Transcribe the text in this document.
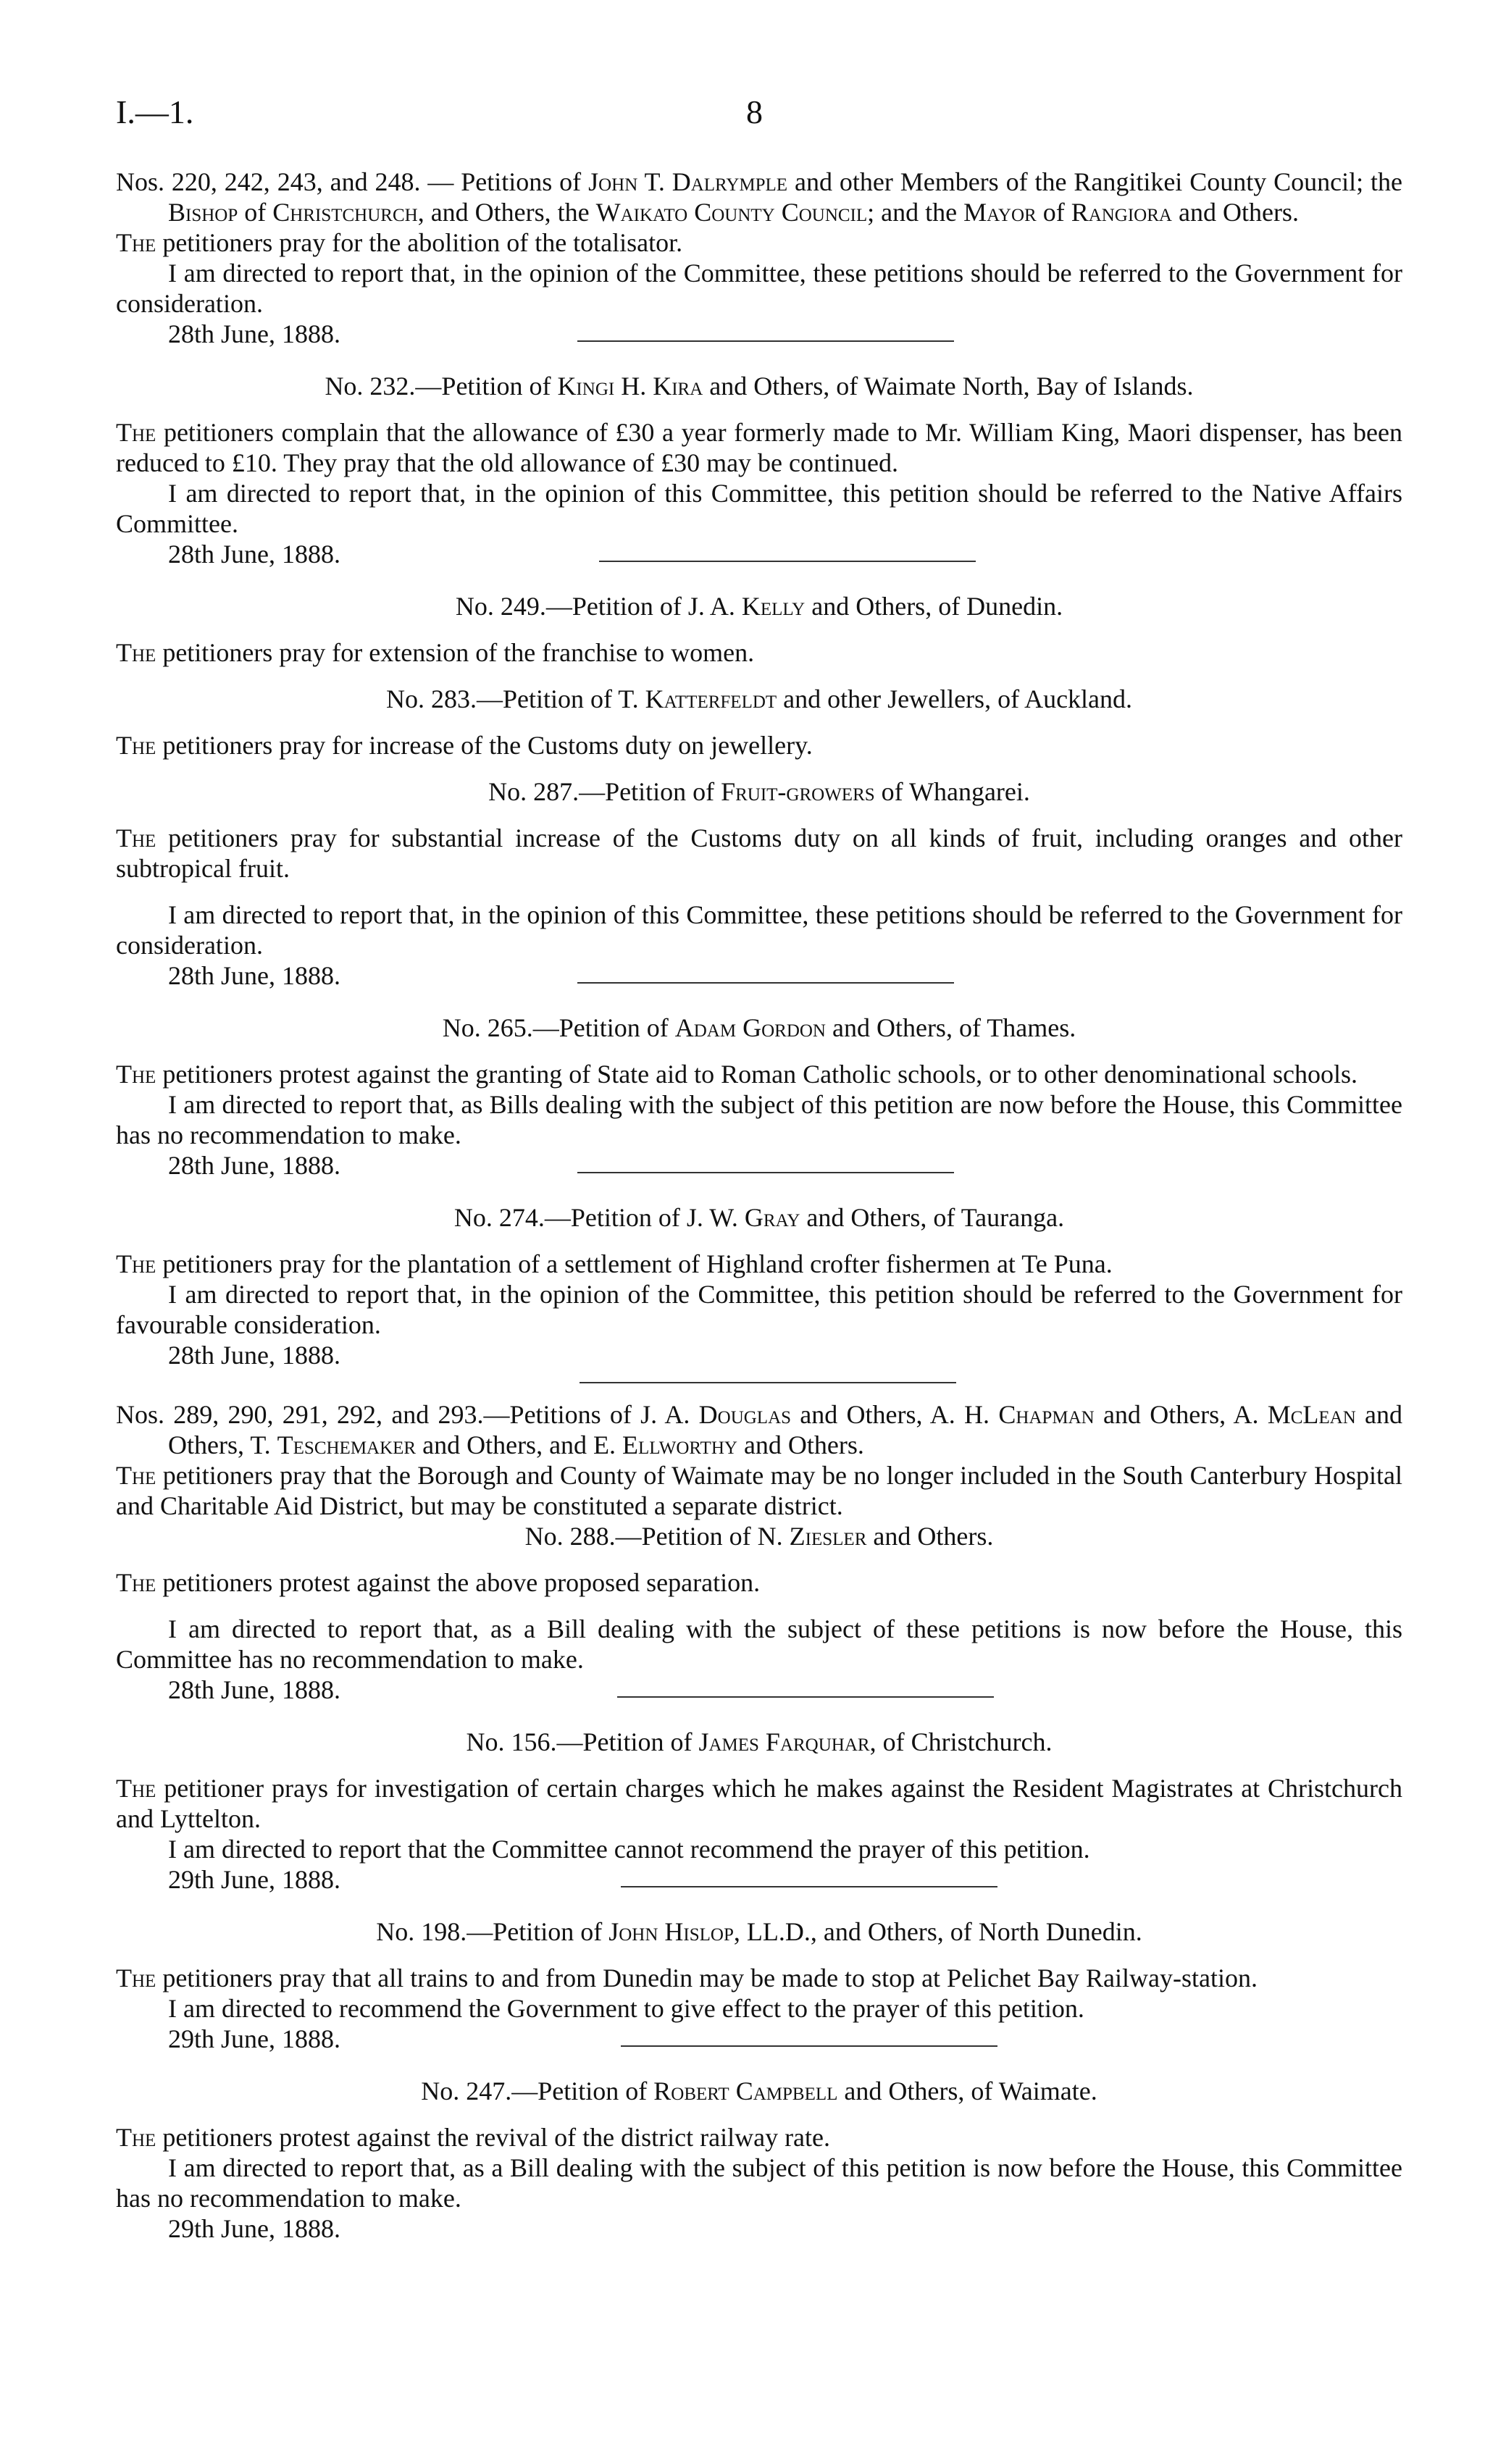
I.—1.	8

Nos. 220, 242, 243, and 248. — Petitions of John T. Dalrymple and other Members of the Rangitikei County Council; the Bishop of Christchurch, and Others, the Waikato County Council; and the Mayor of Rangiora and Others.

The petitioners pray for the abolition of the totalisator.

I am directed to report that, in the opinion of the Committee, these petitions should be referred to the Government for consideration.

28th June, 1888.

No. 232.—Petition of Kingi H. Kira and Others, of Waimate North, Bay of Islands.

The petitioners complain that the allowance of £30 a year formerly made to Mr. William King, Maori dispenser, has been reduced to £10. They pray that the old allowance of £30 may be continued.

I am directed to report that, in the opinion of this Committee, this petition should be referred to the Native Affairs Committee.

28th June, 1888.

No. 249.—Petition of J. A. Kelly and Others, of Dunedin.

The petitioners pray for extension of the franchise to women.

No. 283.—Petition of T. Katterfeldt and other Jewellers, of Auckland.

The petitioners pray for increase of the Customs duty on jewellery.

No. 287.—Petition of Fruit-growers of Whangarei.

The petitioners pray for substantial increase of the Customs duty on all kinds of fruit, including oranges and other subtropical fruit.

I am directed to report that, in the opinion of this Committee, these petitions should be referred to the Government for consideration.

28th June, 1888.

No. 265.—Petition of Adam Gordon and Others, of Thames.

The petitioners protest against the granting of State aid to Roman Catholic schools, or to other denominational schools.

I am directed to report that, as Bills dealing with the subject of this petition are now before the House, this Committee has no recommendation to make.

28th June, 1888.

No. 274.—Petition of J. W. Gray and Others, of Tauranga.

The petitioners pray for the plantation of a settlement of Highland crofter fishermen at Te Puna.

I am directed to report that, in the opinion of the Committee, this petition should be referred to the Government for favourable consideration.

28th June, 1888.

Nos. 289, 290, 291, 292, and 293.—Petitions of J. A. Douglas and Others, A. H. Chapman and Others, A. McLean and Others, T. Teschemaker and Others, and E. Ellworthy and Others.

The petitioners pray that the Borough and County of Waimate may be no longer included in the South Canterbury Hospital and Charitable Aid District, but may be constituted a separate district.

No. 288.—Petition of N. Ziesler and Others.

The petitioners protest against the above proposed separation.

I am directed to report that, as a Bill dealing with the subject of these petitions is now before the House, this Committee has no recommendation to make.

28th June, 1888.

No. 156.—Petition of James Farquhar, of Christchurch.

The petitioner prays for investigation of certain charges which he makes against the Resident Magistrates at Christchurch and Lyttelton.

I am directed to report that the Committee cannot recommend the prayer of this petition.

29th June, 1888.

No. 198.—Petition of John Hislop, LL.D., and Others, of North Dunedin.

The petitioners pray that all trains to and from Dunedin may be made to stop at Pelichet Bay Railway-station.

I am directed to recommend the Government to give effect to the prayer of this petition.

29th June, 1888.

No. 247.—Petition of Robert Campbell and Others, of Waimate.

The petitioners protest against the revival of the district railway rate.

I am directed to report that, as a Bill dealing with the subject of this petition is now before the House, this Committee has no recommendation to make.

29th June, 1888.
